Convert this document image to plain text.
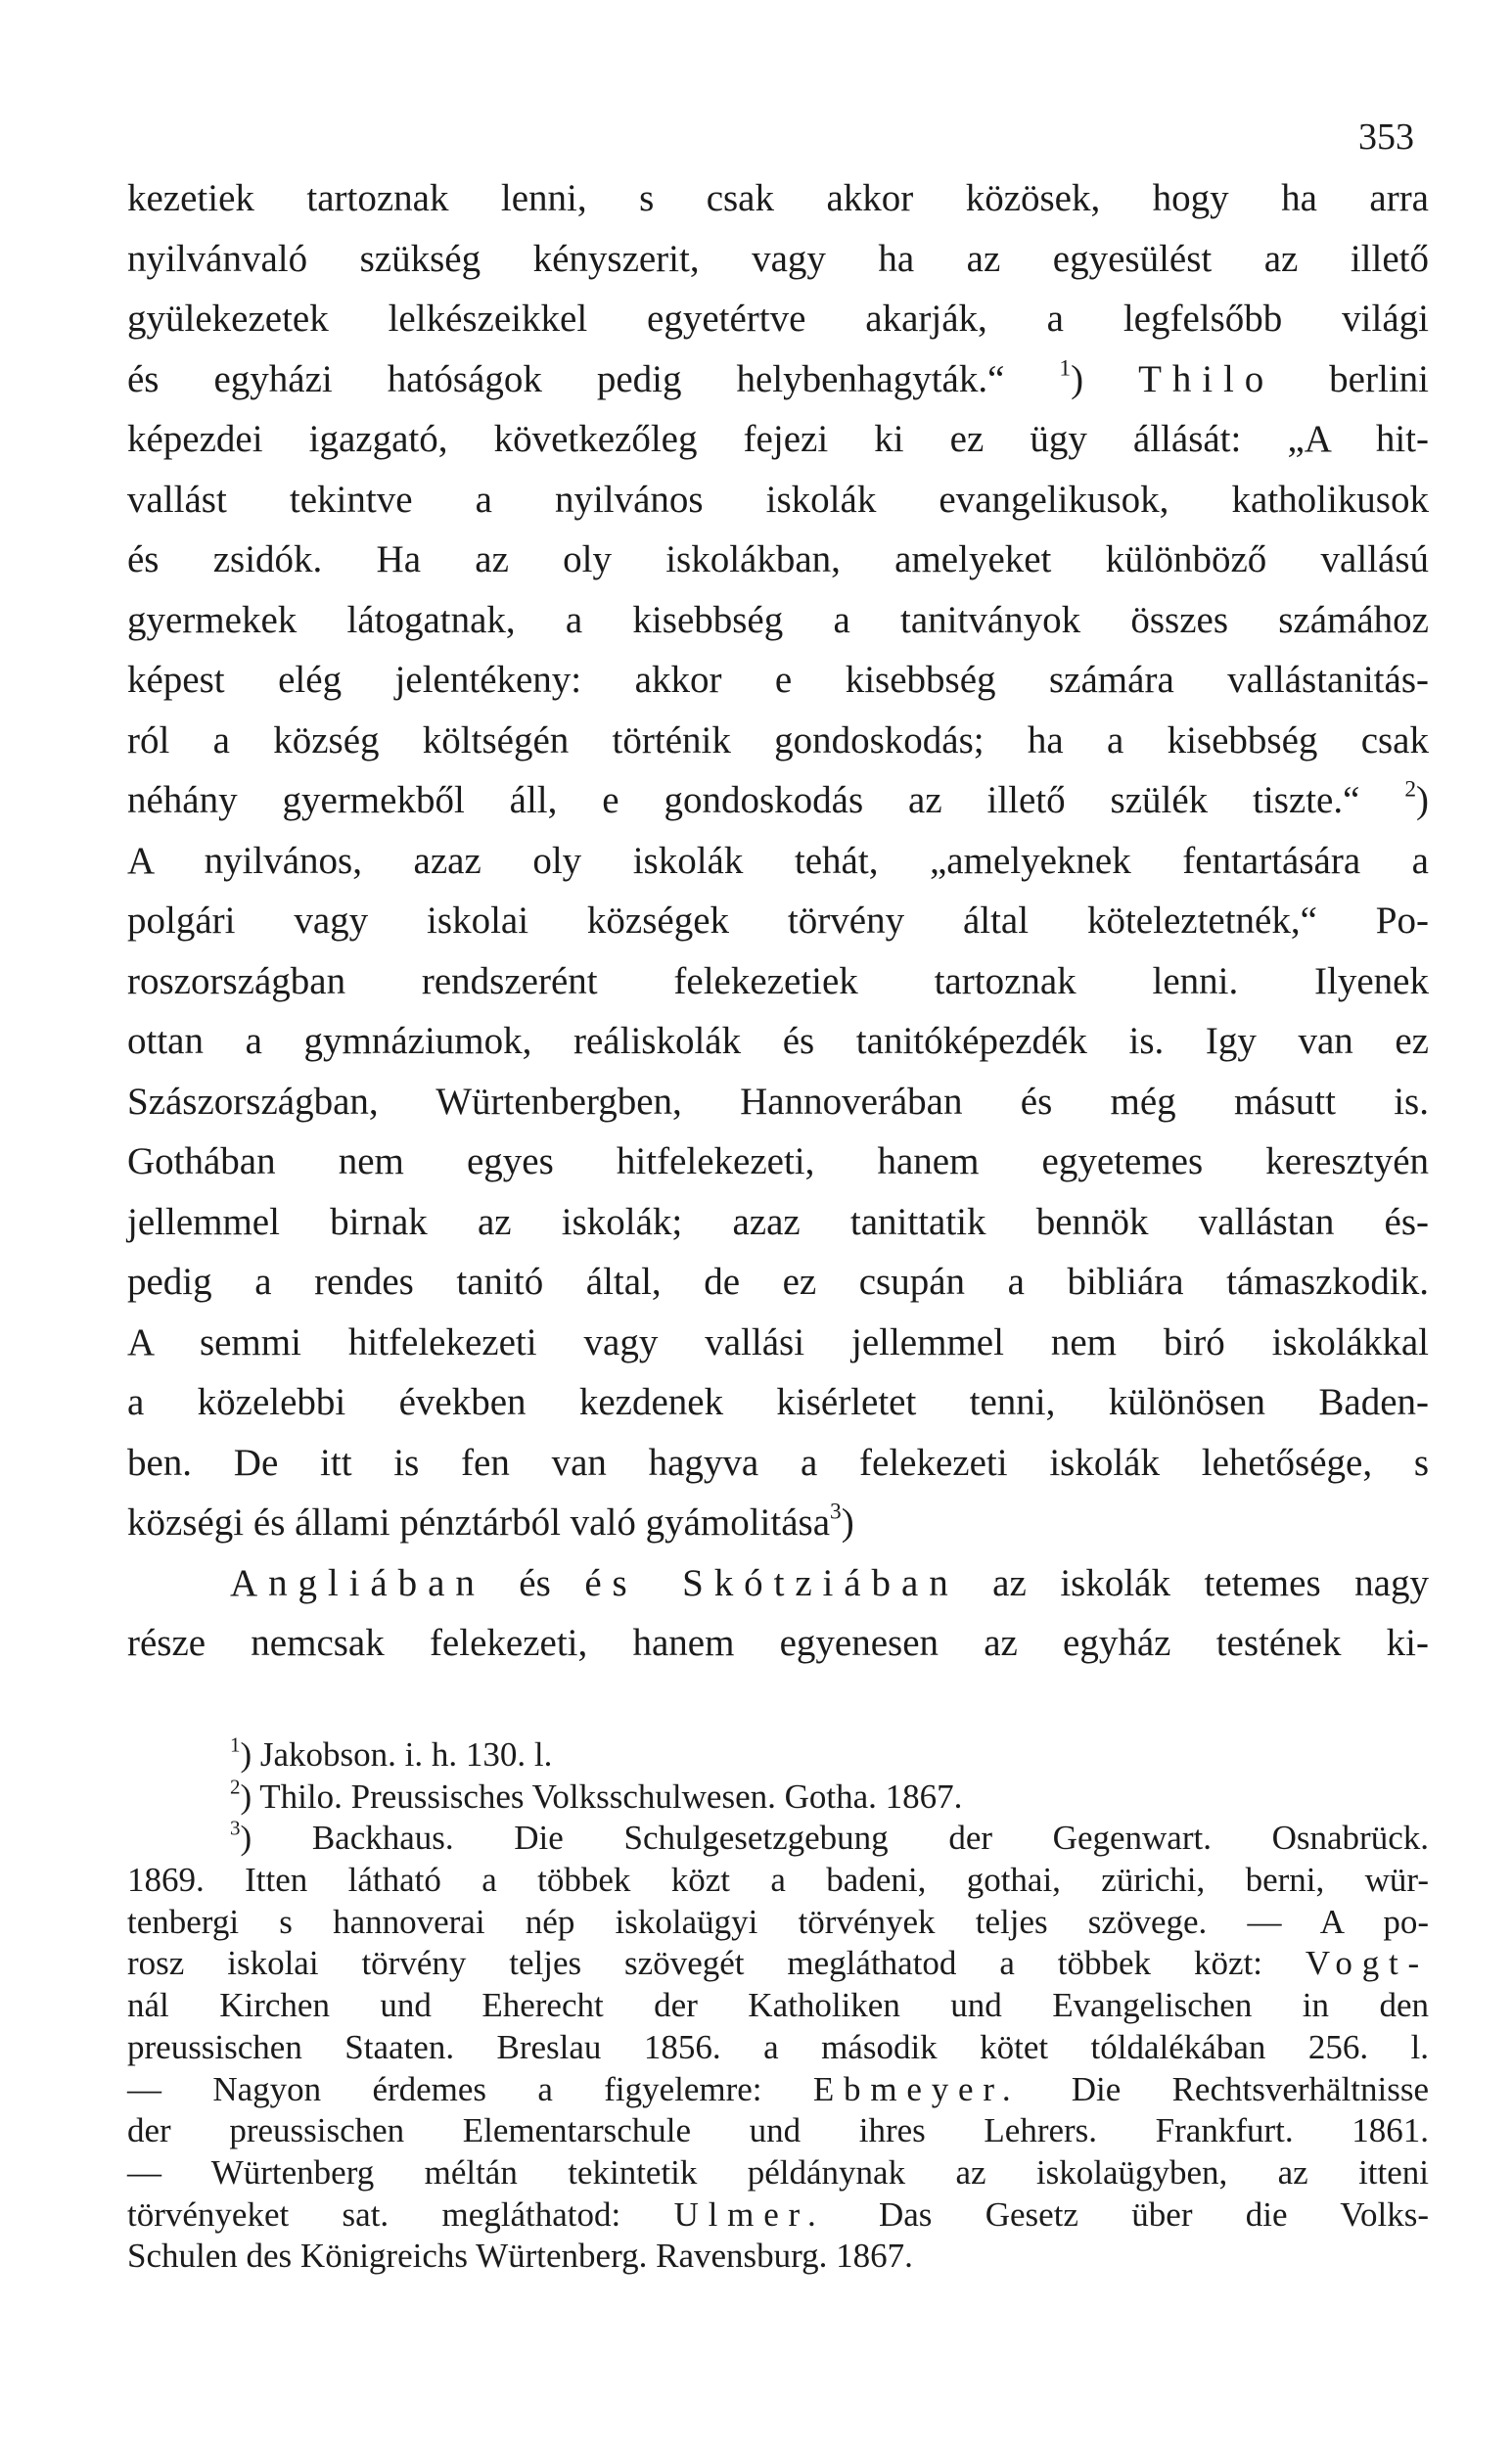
353
kezetiek tartoznak lenni, s csak akkor közösek, hogy ha arra
nyilvánvaló szükség kényszerit, vagy ha az egyesülést az illető
gyülekezetek lelkészeikkel egyetértve akarják, a legfelsőbb világi
és egyházi hatóságok pedig helybenhagyták.“ $^1$) Thilo berlini
képezdei igazgató, következőleg fejezi ki ez ügy állását: „A hit-
vallást tekintve a nyilvános iskolák evangelikusok, katholikusok
és zsidók. Ha az oly iskolákban, amelyeket különböző vallású
gyermekek látogatnak, a kisebbség a tanitványok összes számához
képest elég jelentékeny: akkor e kisebbség számára vallástanitás-
ról a község költségén történik gondoskodás; ha a kisebbség csak
néhány gyermekből áll, e gondoskodás az illető szülék tiszte.“ $^2$)
A nyilvános, azaz oly iskolák tehát, „amelyeknek fentartására a
polgári vagy iskolai községek törvény által köteleztetnék,“ Po-
roszországban rendszerént felekezetiek tartoznak lenni. Ilyenek
ottan a gymnáziumok, reáliskolák és tanitóképezdék is. Igy van ez
Szászországban, Würtenbergben, Hannoverában és még másutt is.
Gothában nem egyes hitfelekezeti, hanem egyetemes keresztyén
jellemmel birnak az iskolák; azaz tanittatik bennök vallástan és-
pedig a rendes tanitó által, de ez csupán a bibliára támaszkodik.
A semmi hitfelekezeti vagy vallási jellemmel nem biró iskolákkal
a közelebbi években kezdenek kisérletet tenni, különösen Baden-
ben. De itt is fen van hagyva a felekezeti iskolák lehetősége, s
községi és állami pénztárból való gyámolitása$^3$)
Angliában és és Skótziában az iskolák tetemes nagy
része nemcsak felekezeti, hanem egyenesen az egyház testének ki-
$^1$) Jakobson. i. h. 130. l.
$^2$) Thilo. Preussisches Volksschulwesen. Gotha. 1867.
$^3$) Backhaus. Die Schulgesetzgebung der Gegenwart. Osnabrück.
1869. Itten látható a többek közt a badeni, gothai, zürichi, berni, wür-
tenbergi s hannoverai nép iskolaügyi törvények teljes szövege. — A po-
rosz iskolai törvény teljes szövegét megláthatod a többek közt: Vogt-
nál Kirchen und Eherecht der Katholiken und Evangelischen in den
preussischen Staaten. Breslau 1856. a második kötet tóldalékában 256. l.
— Nagyon érdemes a figyelemre: Ebmeyer. Die Rechtsverhältnisse
der preussischen Elementarschule und ihres Lehrers. Frankfurt. 1861.
— Würtenberg méltán tekintetik példánynak az iskolaügyben, az itteni
törvényeket sat. megláthatod: Ulmer. Das Gesetz über die Volks-
Schulen des Königreichs Würtenberg. Ravensburg. 1867.
